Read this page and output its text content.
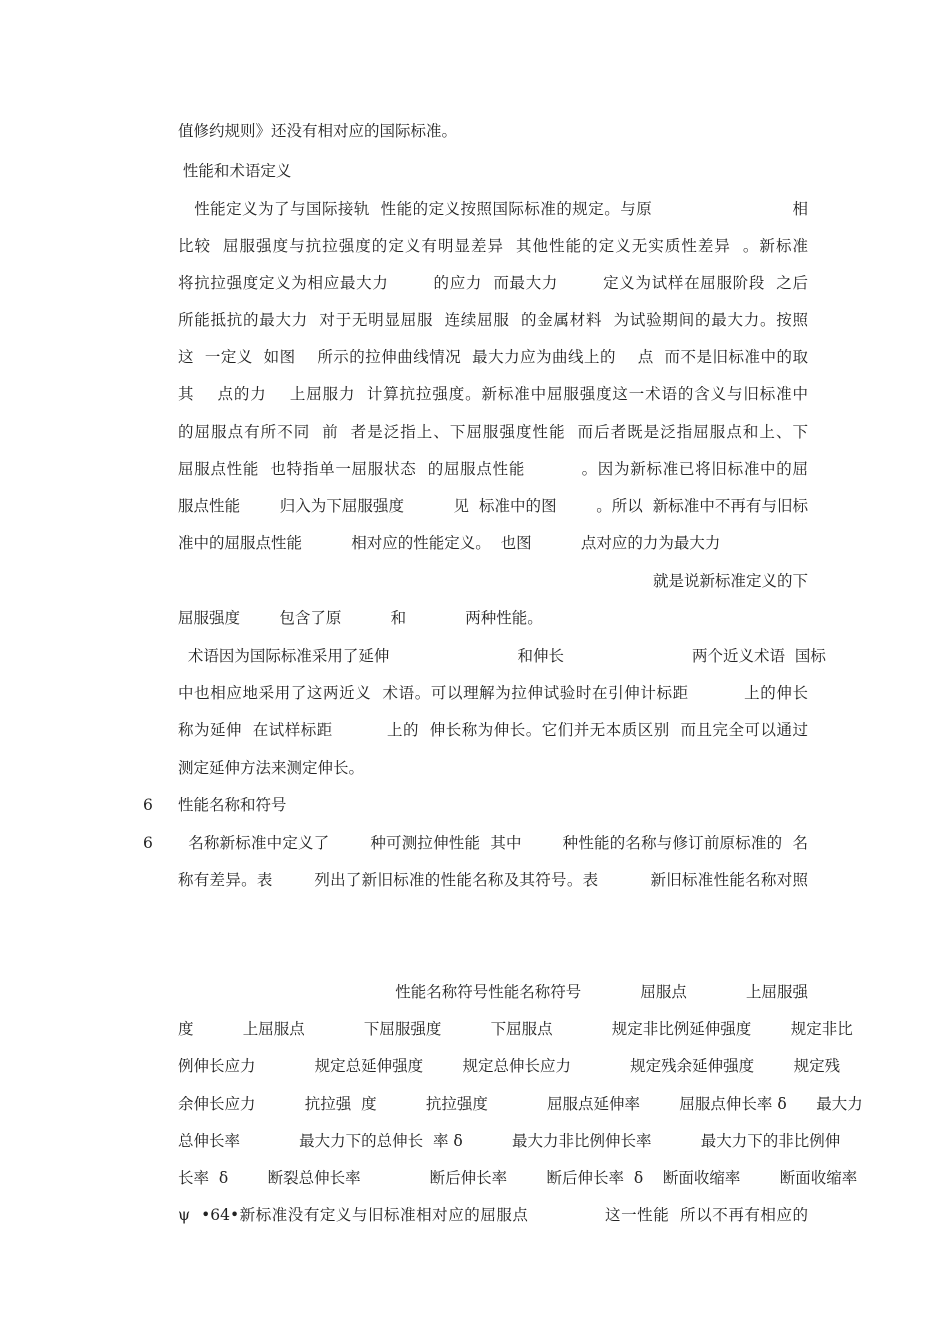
值修约规则》还没有相对应的国际标准。
性能和术语定义
性能定义为了与国际接轨  性能的定义按照国际标准的规定。与原                          相
比较  屈服强度与抗拉强度的定义有明显差异  其他性能的定义无实质性差异  。新标准
将抗拉强度定义为相应最大力        的应力  而最大力        定义为试样在屈服阶段  之后
所能抵抗的最大力  对于无明显屈服  连续屈服  的金属材料  为试验期间的最大力。按照
这  一定义  如图    所示的拉伸曲线情况  最大力应为曲线上的    点  而不是旧标准中的取
其    点的力    上屈服力  计算抗拉强度。新标准中屈服强度这一术语的含义与旧标准中
的屈服点有所不同  前  者是泛指上、下屈服强度性能  而后者既是泛指屈服点和上、下
屈服点性能  也特指单一屈服状态  的屈服点性能          。因为新标准已将旧标准中的屈
服点性能        归入为下屈服强度          见  标准中的图        。所以  新标准中不再有与旧标
准中的屈服点性能          相对应的性能定义。  也图          点对应的力为最大力
就是说新标准定义的下
屈服强度        包含了原          和            两种性能。
术语因为国际标准采用了延伸                          和伸长                          两个近义术语  国标
中也相应地采用了这两近义  术语。可以理解为拉伸试验时在引伸计标距          上的伸长
称为延伸  在试样标距          上的  伸长称为伸长。它们并无本质区别  而且完全可以通过
测定延伸方法来测定伸长。
6 性能名称和符号
6 名称新标准中定义了        种可测拉伸性能  其中        种性能的名称与修订前原标准的  名
称有差异。表        列出了新旧标准的性能名称及其符号。表          新旧标准性能名称对照
性能名称符号性能名称符号            屈服点            上屈服强
度          上屈服点            下屈服强度          下屈服点            规定非比例延伸强度        规定非比
例伸长应力            规定总延伸强度        规定总伸长应力            规定残余延伸强度        规定残
余伸长应力          抗拉强  度          抗拉强度            屈服点延伸率        屈服点伸长率 δ      最大力
总伸长率            最大力下的总伸长  率 δ          最大力非比例伸长率          最大力下的非比例伸
长率  δ        断裂总伸长率              断后伸长率        断后伸长率  δ    断面收缩率        断面收缩率
ψ  •64•新标准没有定义与旧标准相对应的屈服点              这一性能  所以不再有相应的
